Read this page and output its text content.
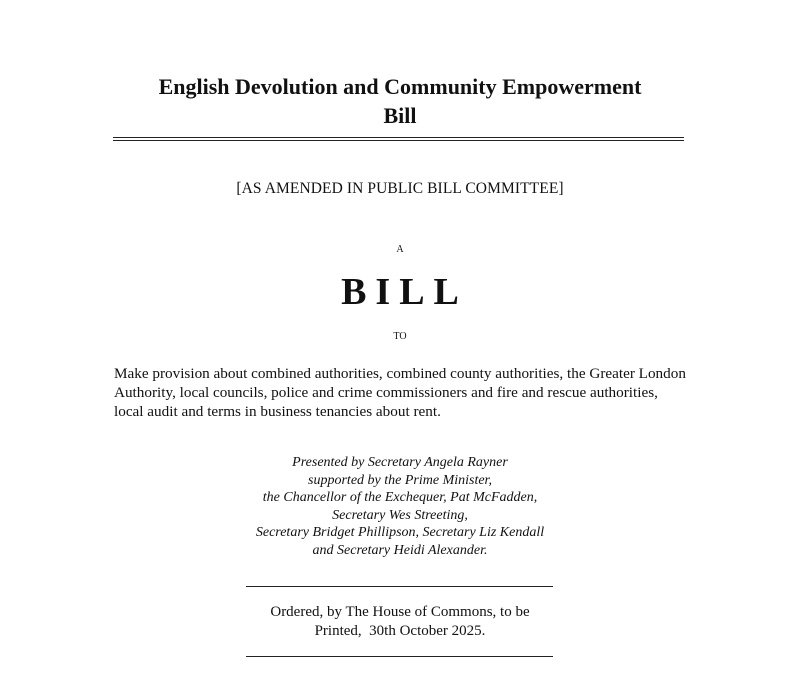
English Devolution and Community Empowerment
Bill
[AS AMENDED IN PUBLIC BILL COMMITTEE]
A
BILL
TO
Make provision about combined authorities, combined county authorities, the Greater London Authority, local councils, police and crime commissioners and fire and rescue authorities, local audit and terms in business tenancies about rent.
Presented by Secretary Angela Rayner
supported by the Prime Minister,
the Chancellor of the Exchequer, Pat McFadden,
Secretary Wes Streeting,
Secretary Bridget Phillipson, Secretary Liz Kendall
and Secretary Heidi Alexander.
Ordered, by The House of Commons, to be
Printed,  30th October 2025.
